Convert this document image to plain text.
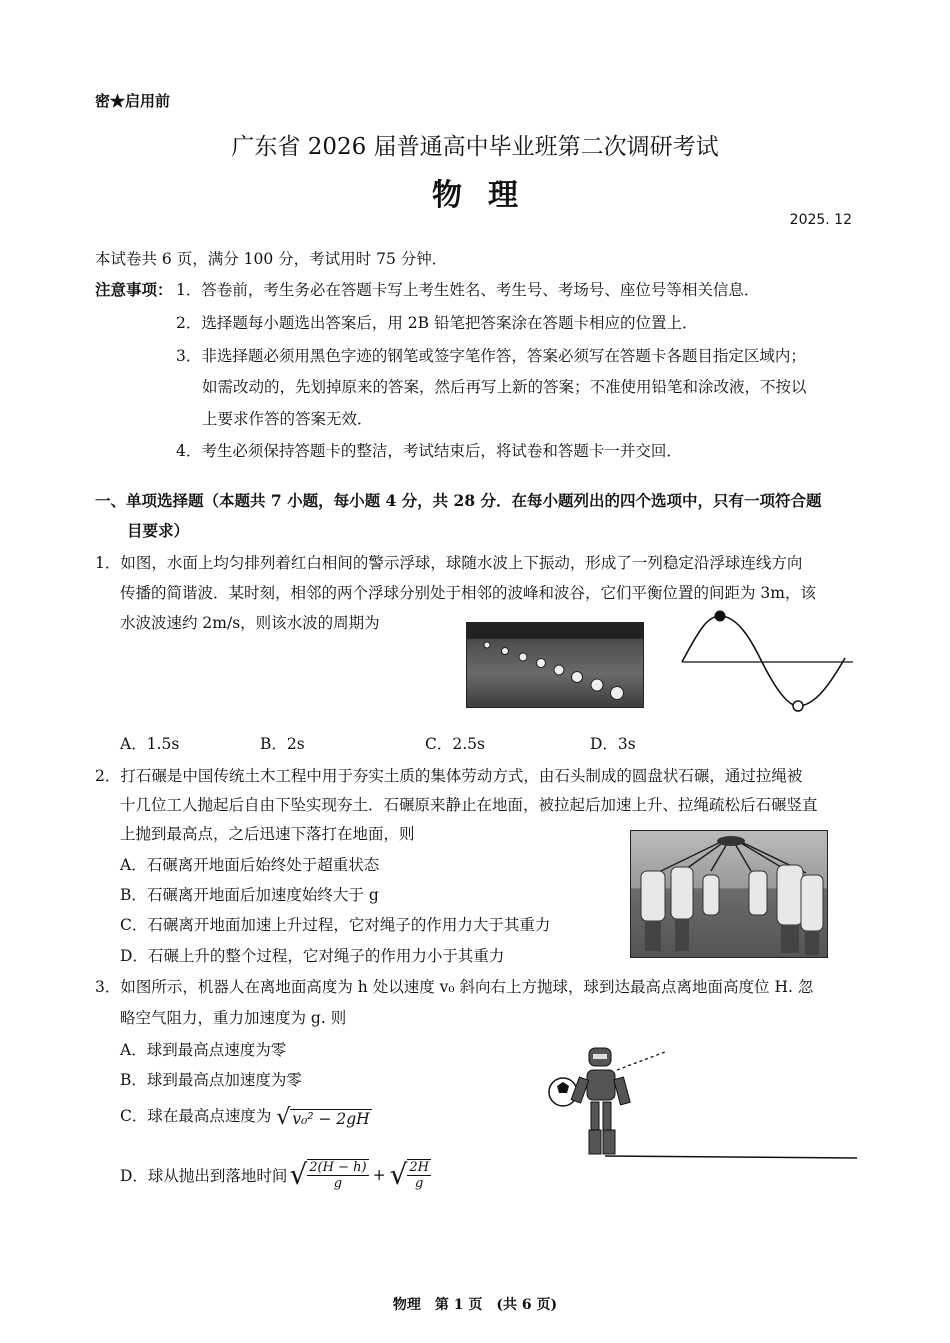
密★启用前
广东省 2026 届普通高中毕业班第二次调研考试
物理
2025. 12
本试卷共 6 页，满分 100 分，考试用时 75 分钟．
注意事项： 1．答卷前，考生务必在答题卡写上考生姓名、考生号、考场号、座位号等相关信息．
2．选择题每小题选出答案后，用 2B 铅笔把答案涂在答题卡相应的位置上．
3．非选择题必须用黑色字迹的钢笔或签字笔作答，答案必须写在答题卡各题目指定区域内；
如需改动的，先划掉原来的答案，然后再写上新的答案；不准使用铅笔和涂改液，不按以
上要求作答的答案无效．
4．考生必须保持答题卡的整洁，考试结束后，将试卷和答题卡一并交回．
一、单项选择题（本题共 7 小题，每小题 4 分，共 28 分．在每小题列出的四个选项中，只有一项符合题
目要求）
1．如图，水面上均匀排列着红白相间的警示浮球，球随水波上下振动，形成了一列稳定沿浮球连线方向
传播的简谐波．某时刻，相邻的两个浮球分别处于相邻的波峰和波谷，它们平衡位置的间距为 3m，该
水波波速约 2m/s，则该水波的周期为
A．1.5s	B．2s	C．2.5s	D．3s
2．打石碾是中国传统土木工程中用于夯实土质的集体劳动方式，由石头制成的圆盘状石碾，通过拉绳被
十几位工人抛起后自由下坠实现夯土．石碾原来静止在地面，被拉起后加速上升、拉绳疏松后石碾竖直
上抛到最高点，之后迅速下落打在地面，则
A．石碾离开地面后始终处于超重状态
B．石碾离开地面后加速度始终大于 g
C．石碾离开地面加速上升过程，它对绳子的作用力大于其重力
D．石碾上升的整个过程，它对绳子的作用力小于其重力
3．如图所示，机器人在离地面高度为 h 处以速度 v₀ 斜向右上方抛球，球到达最高点离地面高度位 H. 忽
略空气阻力，重力加速度为 g. 则
A．球到最高点速度为零
B．球到最高点加速度为零
C．球在最高点速度为 √ v₀² − 2gH
D．球从抛出到落地时间 √ $\frac{2(H - h)}{g}$ + √ $\frac{2H}{g}$
物理　第 1 页　(共 6 页)
